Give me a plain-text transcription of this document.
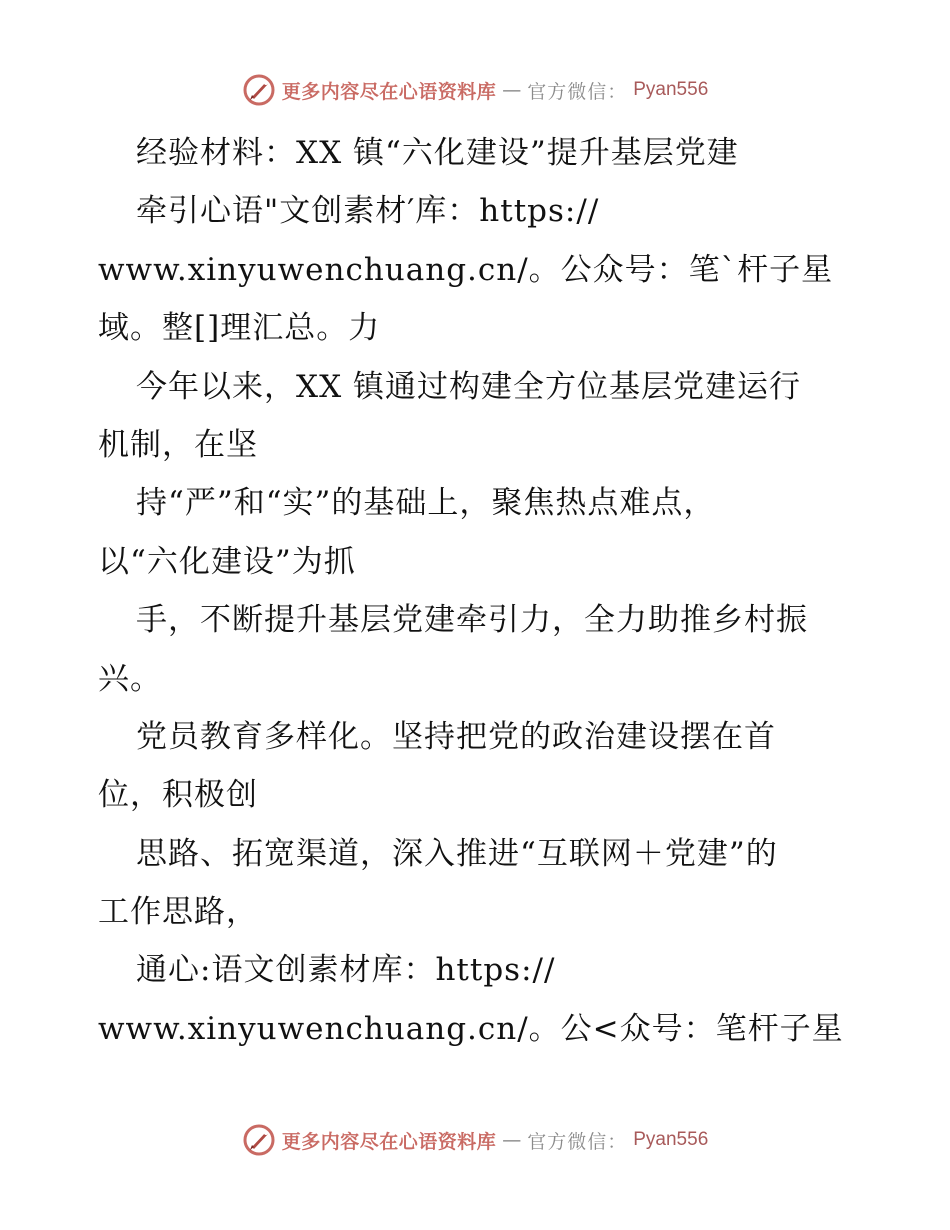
更多内容尽在心语资料库 — 官方微信： Pyan556
经验材料：XX 镇“六化建设”提升基层党建
牵引心语"文创素材′库：https://
www.xinyuwenchuang.cn/。公众号：笔`杆子星
域。整[]理汇总。力
今年以来，XX 镇通过构建全方位基层党建运行
机制，在坚
持“严”和“实”的基础上，聚焦热点难点，
以“六化建设”为抓
手，不断提升基层党建牵引力，全力助推乡村振
兴。
党员教育多样化。坚持把党的政治建设摆在首
位，积极创
思路、拓宽渠道，深入推进“互联网＋党建”的
工作思路，
通心:语文创素材库：https://
www.xinyuwenchuang.cn/。公<众号：笔杆子星
更多内容尽在心语资料库 — 官方微信： Pyan556
